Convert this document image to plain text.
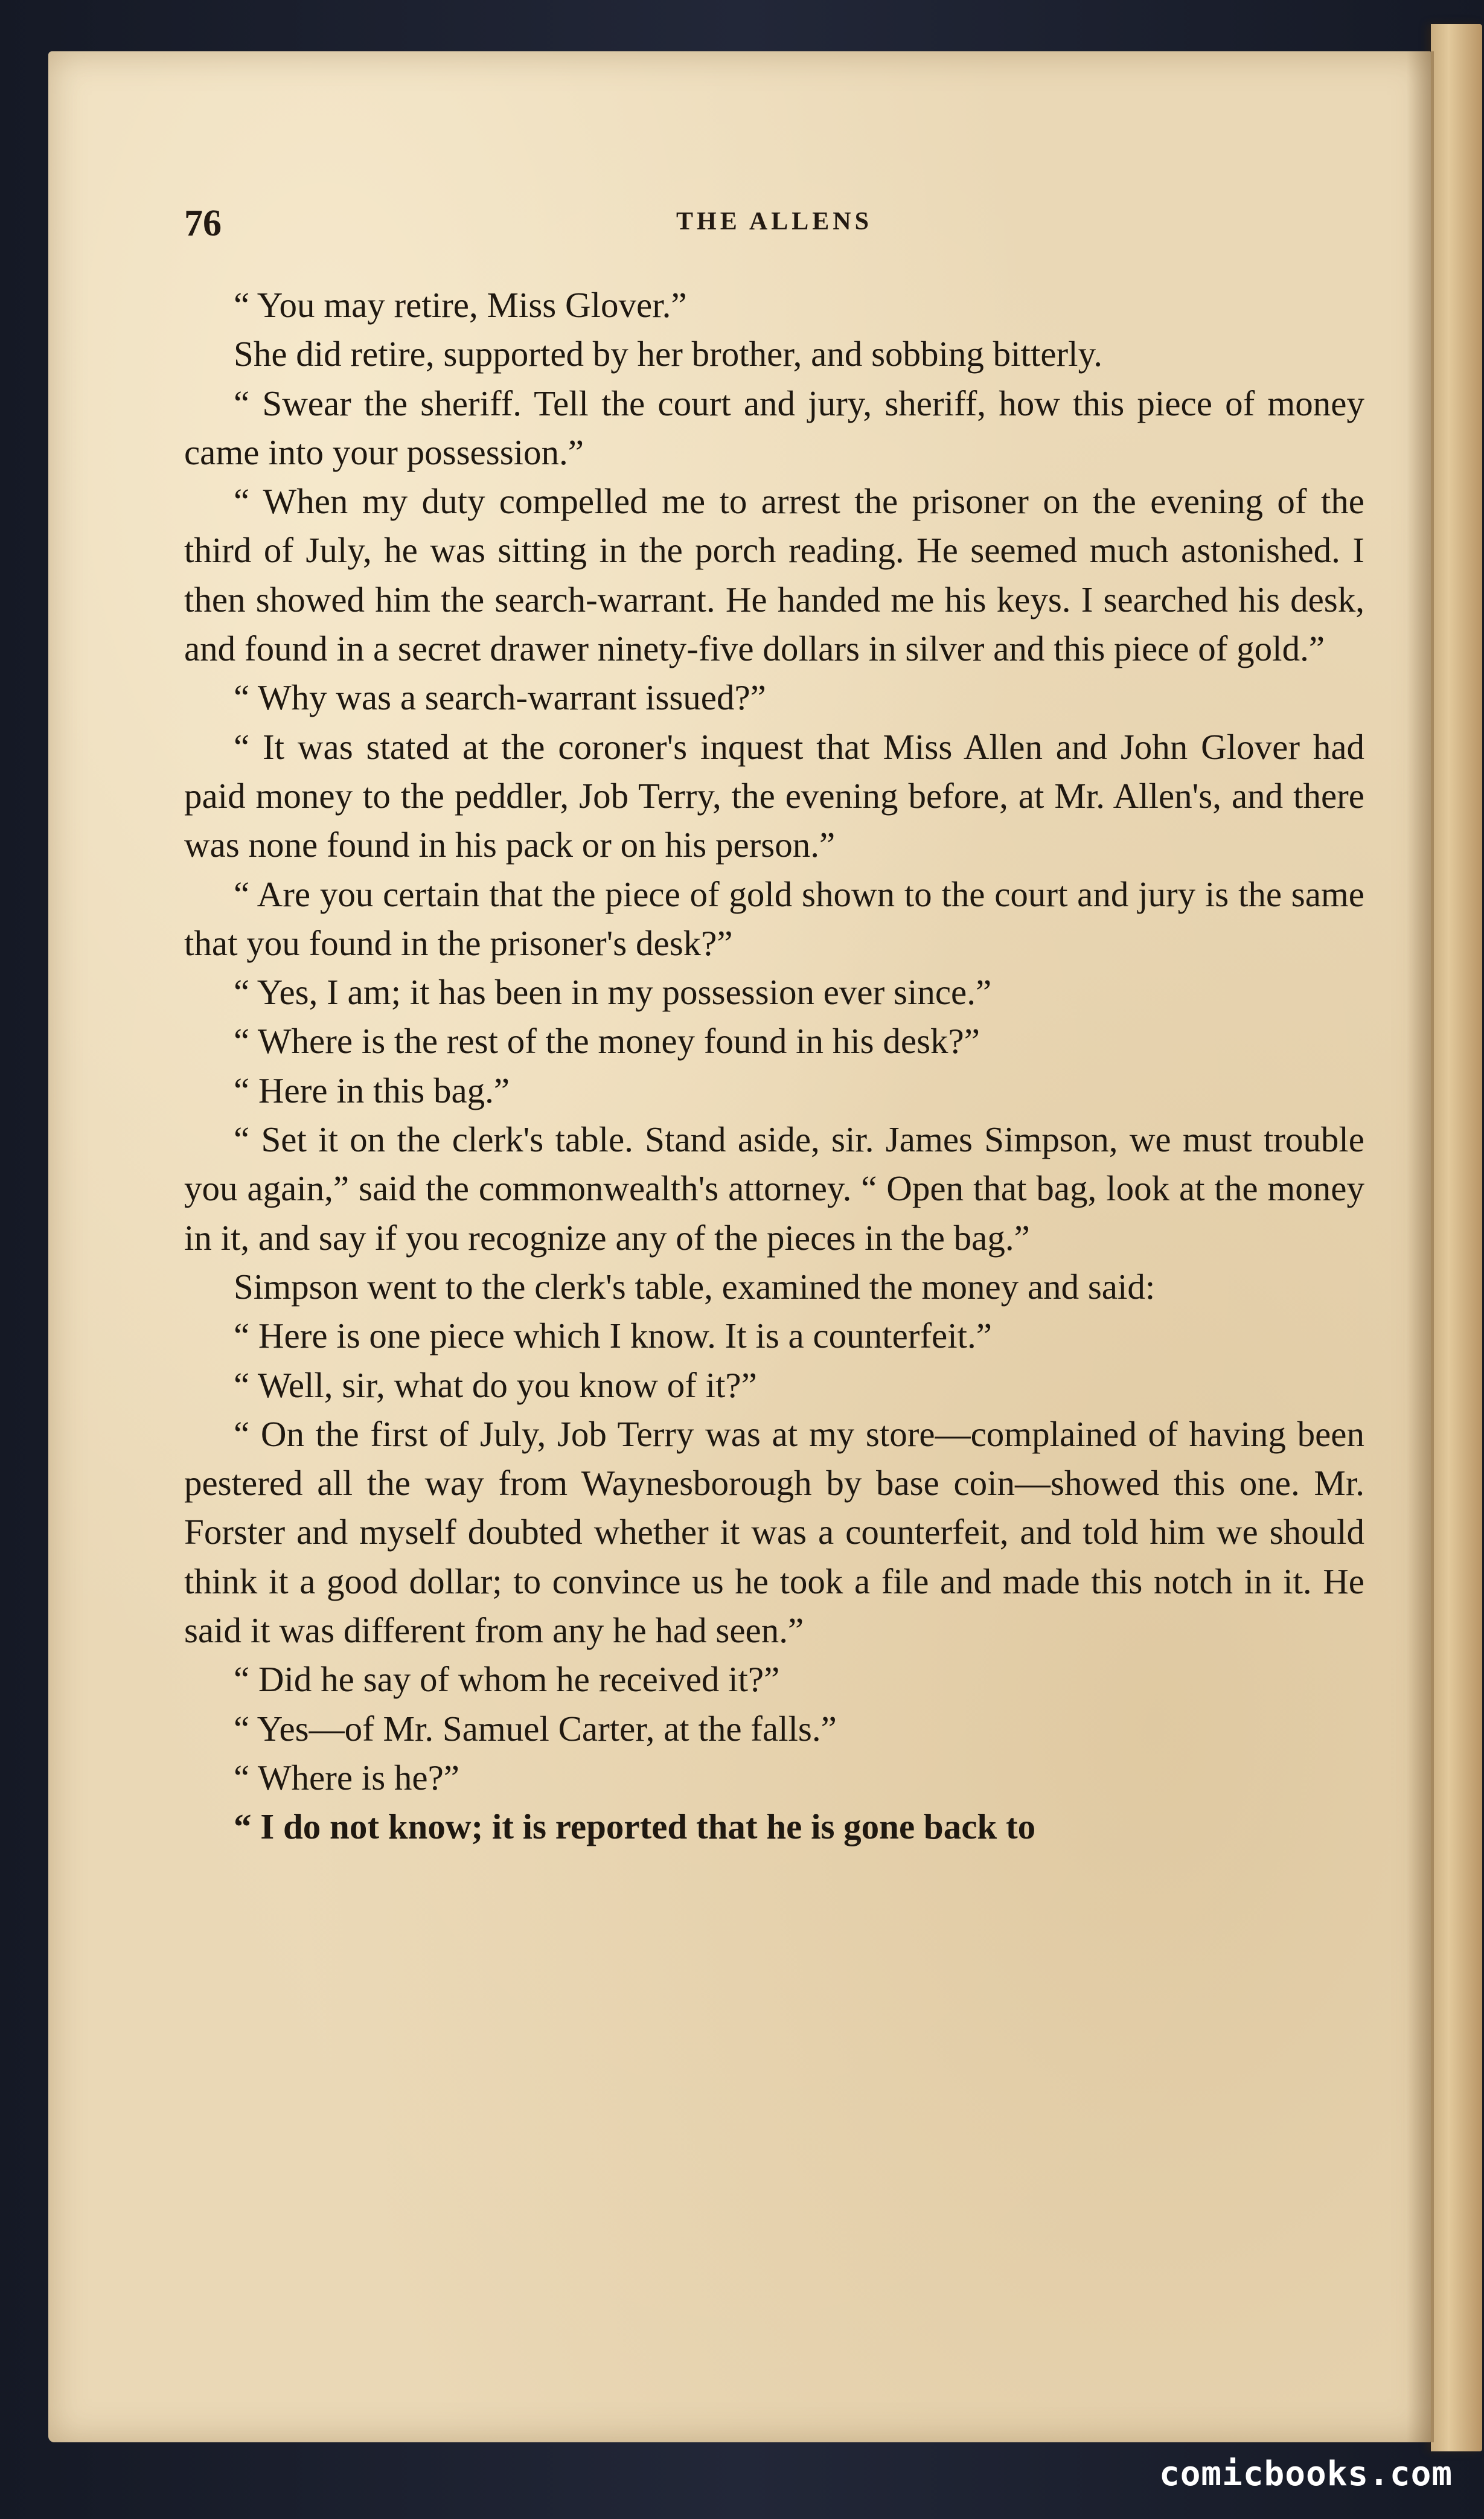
76	THE ALLENS

“ You may retire, Miss Glover.”

She did retire, supported by her brother, and sobbing bitterly.

“ Swear the sheriff. Tell the court and jury, sheriff, how this piece of money came into your possession.”

“ When my duty compelled me to arrest the prisoner on the evening of the third of July, he was sitting in the porch reading. He seemed much astonished. I then showed him the search-warrant. He handed me his keys. I searched his desk, and found in a secret drawer ninety-five dollars in silver and this piece of gold.”

“ Why was a search-warrant issued?”

“ It was stated at the coroner's inquest that Miss Allen and John Glover had paid money to the peddler, Job Terry, the evening before, at Mr. Allen's, and there was none found in his pack or on his person.”

“ Are you certain that the piece of gold shown to the court and jury is the same that you found in the prisoner's desk?”

“ Yes, I am; it has been in my possession ever since.”

“ Where is the rest of the money found in his desk?”

“ Here in this bag.”

“ Set it on the clerk's table. Stand aside, sir. James Simpson, we must trouble you again,” said the commonwealth's attorney. “ Open that bag, look at the money in it, and say if you recognize any of the pieces in the bag.”

Simpson went to the clerk's table, examined the money and said:

“ Here is one piece which I know. It is a counterfeit.”

“ Well, sir, what do you know of it?”

“ On the first of July, Job Terry was at my store—complained of having been pestered all the way from Waynesborough by base coin—showed this one. Mr. Forster and myself doubted whether it was a counterfeit, and told him we should think it a good dollar; to convince us he took a file and made this notch in it. He said it was different from any he had seen.”

“ Did he say of whom he received it?”

“ Yes—of Mr. Samuel Carter, at the falls.”

“ Where is he?”

“ I do not know; it is reported that he is gone back to

comicbooks.com
